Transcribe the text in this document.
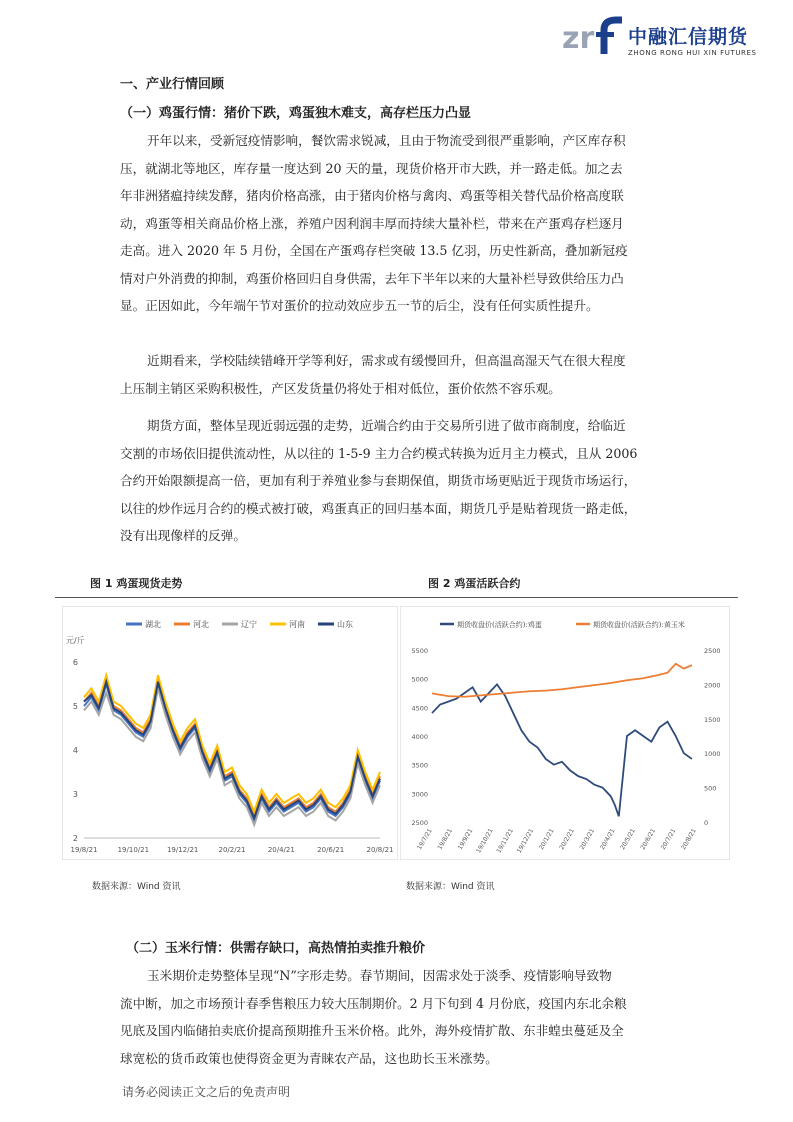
zr 中融汇信期货
ZHONG RONG HUI XIN FUTURES
一、产业行情回顾
（一）鸡蛋行情：猪价下跌，鸡蛋独木难支，高存栏压力凸显
开年以来，受新冠疫情影响，餐饮需求锐减，且由于物流受到很严重影响，产区库存积
压，就湖北等地区，库存量一度达到 20 天的量，现货价格开市大跌，并一路走低。加之去
年非洲猪瘟持续发酵，猪肉价格高涨，由于猪肉价格与禽肉、鸡蛋等相关替代品价格高度联
动，鸡蛋等相关商品价格上涨，养殖户因利润丰厚而持续大量补栏，带来在产蛋鸡存栏逐月
走高。进入 2020 年 5 月份，全国在产蛋鸡存栏突破 13.5 亿羽，历史性新高，叠加新冠疫
情对户外消费的抑制，鸡蛋价格回归自身供需，去年下半年以来的大量补栏导致供给压力凸
显。正因如此，今年端午节对蛋价的拉动效应步五一节的后尘，没有任何实质性提升。
近期看来，学校陆续错峰开学等利好，需求或有缓慢回升，但高温高湿天气在很大程度
上压制主销区采购积极性，产区发货量仍将处于相对低位，蛋价依然不容乐观。
期货方面，整体呈现近弱远强的走势，近端合约由于交易所引进了做市商制度，给临近
交割的市场依旧提供流动性，从以往的 1-5-9 主力合约模式转换为近月主力模式，且从 2006
合约开始限额提高一倍，更加有利于养殖业参与套期保值，期货市场更贴近于现货市场运行，
以往的炒作远月合约的模式被打破，鸡蛋真正的回归基本面，期货几乎是贴着现货一路走低，
没有出现像样的反弹。
图 1 鸡蛋现货走势	图 2 鸡蛋活跃合约
湖北	河北	辽宁	河南	山东
元/斤
2
3
4
5
6
19/8/21	19/10/21	19/12/21	20/2/21	20/4/21	20/6/21	20/8/21
期货收盘价(活跃合约):鸡蛋	期货收盘价(活跃合约):黄玉米
2500
3000
3500
4000
4500
5000
5500
0
500
1000
1500
2000
2500
19/7/21 19/8/21 19/9/21 19/10/21 19/11/21 19/12/21 20/1/21 20/2/21 20/3/21 20/4/21 20/5/21 20/6/21 20/7/21 20/8/21
数据来源：Wind 资讯	数据来源：Wind 资讯
（二）玉米行情：供需存缺口，高热情拍卖推升粮价
玉米期价走势整体呈现“N”字形走势。春节期间，因需求处于淡季、疫情影响导致物
流中断，加之市场预计春季售粮压力较大压制期价。2 月下旬到 4 月份底，疫国内东北余粮
见底及国内临储拍卖底价提高预期推升玉米价格。此外，海外疫情扩散、东非蝗虫蔓延及全
球宽松的货币政策也使得资金更为青睐农产品，这也助长玉米涨势。
请务必阅读正文之后的免责声明
